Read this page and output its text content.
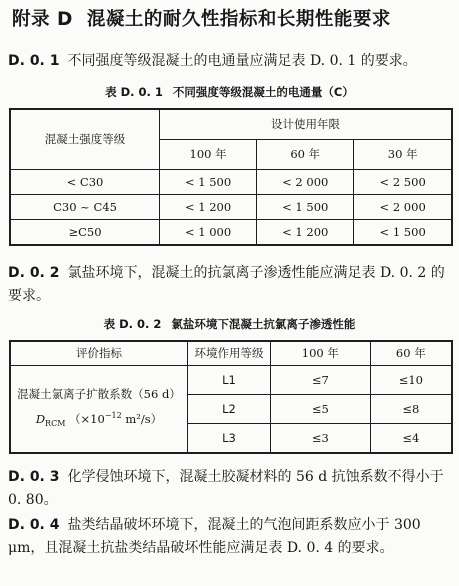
附录 D 混凝土的耐久性指标和长期性能要求
D. 0. 1 不同强度等级混凝土的电通量应满足表 D. 0. 1 的要求。
表 D. 0. 1 不同强度等级混凝土的电通量（C）
混凝土强度等级	设计使用年限		
	100 年	60 年	30 年
< C30	< 1 500	< 2 000	< 2 500
C30 ~ C45	< 1 200	< 1 500	< 2 000
≥C50	< 1 000	< 1 200	< 1 500
D. 0. 2 氯盐环境下，混凝土的抗氯离子渗透性能应满足表 D. 0. 2 的要求。
表 D. 0. 2 氯盐环境下混凝土抗氯离子渗透性能
评价指标	环境作用等级	100 年	60 年

混凝土氯离子扩散系数（56 d）
$D_{RCM}$ （$\times 10^{-12}$ m²/s）	L1	≤7	≤10
	L2	≤5	≤8
	L3	≤3	≤4
D. 0. 3 化学侵蚀环境下，混凝土胶凝材料的 56 d 抗蚀系数不得小于 0. 80。
D. 0. 4 盐类结晶破坏环境下，混凝土的气泡间距系数应小于 300 μm，且混凝土抗盐类结晶破坏性能应满足表 D. 0. 4 的要求。
